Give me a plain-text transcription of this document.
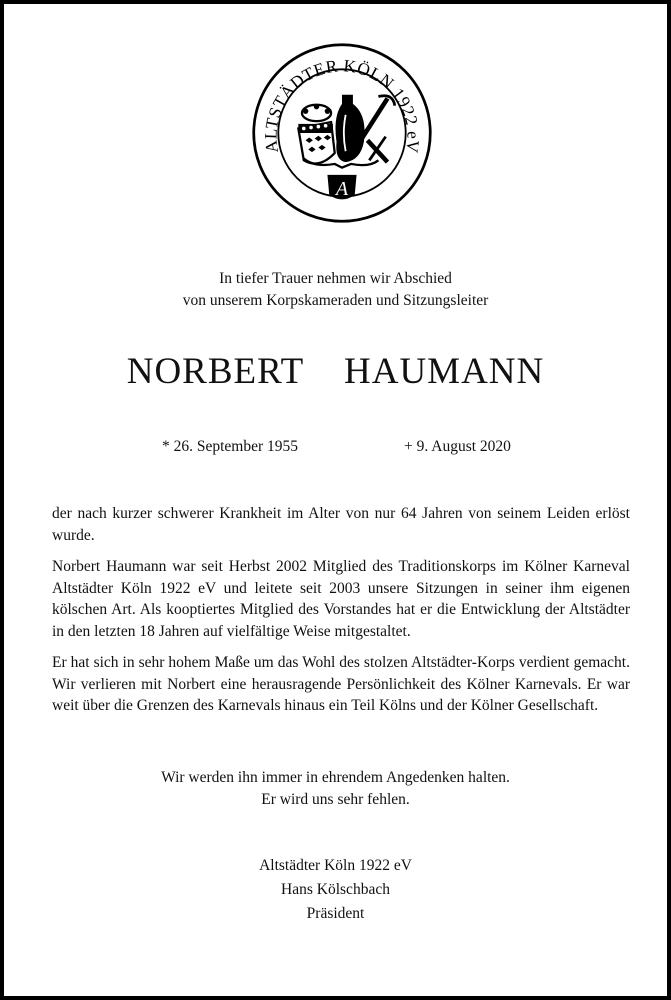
ALTSTÄDTER KÖLN 1922 eV
A
In tiefer Trauer nehmen wir Abschied
von unserem Korpskameraden und Sitzungsleiter
NORBERT  HAUMANN
* 26. September 1955	+ 9. August 2020

der nach kurzer schwerer Krankheit im Alter von nur 64 Jahren von seinem Leiden erlöst wurde.

Norbert Haumann war seit Herbst 2002 Mitglied des Traditionskorps im Kölner Karneval Altstädter Köln 1922 eV und leitete seit 2003 unsere Sitzungen in seiner ihm eigenen kölschen Art. Als kooptiertes Mitglied des Vorstandes hat er die Entwicklung der Altstädter in den letzten 18 Jahren auf vielfältige Weise mitgestaltet.

Er hat sich in sehr hohem Maße um das Wohl des stolzen Altstädter-Korps verdient gemacht. Wir verlieren mit Norbert eine herausragende Persönlichkeit des Kölner Karnevals. Er war weit über die Grenzen des Karnevals hinaus ein Teil Kölns und der Kölner Gesellschaft.

Wir werden ihn immer in ehrendem Angedenken halten.
Er wird uns sehr fehlen.
Altstädter Köln 1922 eV
Hans Kölschbach
Präsident
